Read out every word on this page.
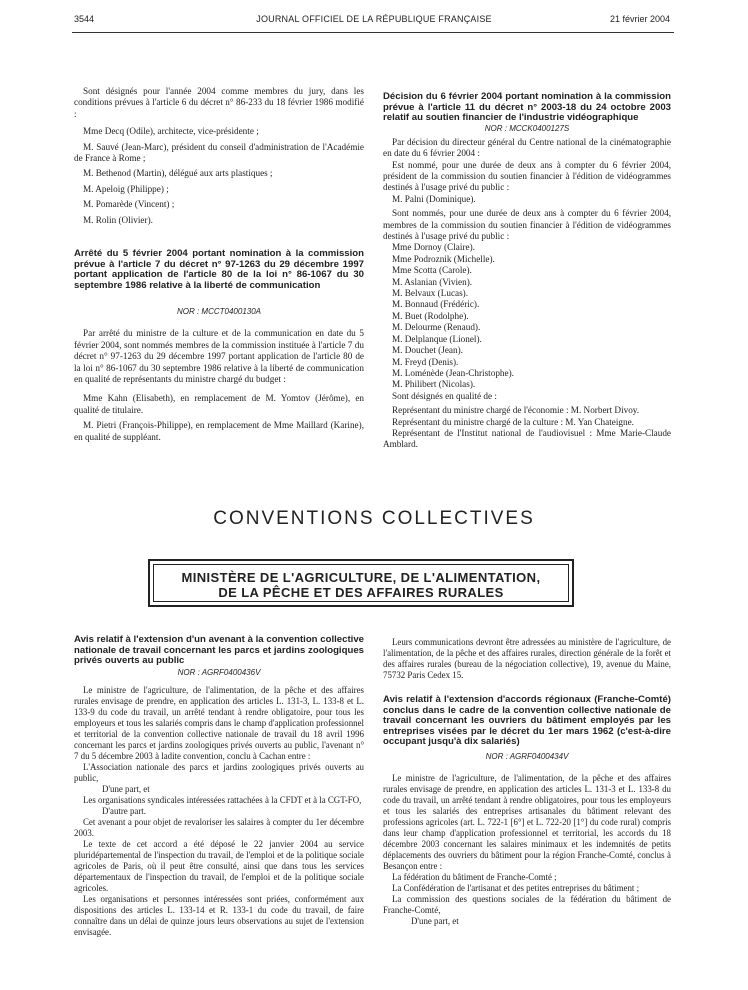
3544	JOURNAL OFFICIEL DE LA RÉPUBLIQUE FRANÇAISE	21 février 2004

Sont désignés pour l'année 2004 comme membres du jury, dans les conditions prévues à l'article 6 du décret n° 86-233 du 18 février 1986 modifié :

Mme Decq (Odile), architecte, vice-présidente ;

M. Sauvé (Jean-Marc), président du conseil d'administration de l'Académie de France à Rome ;

M. Bethenod (Martin), délégué aux arts plastiques ;

M. Apeloig (Philippe) ;

M. Pomarède (Vincent) ;

M. Rolin (Olivier).

Arrêté du 5 février 2004 portant nomination à la commission prévue à l'article 7 du décret n° 97-1263 du 29 décembre 1997 portant application de l'article 80 de la loi n° 86-1067 du 30 septembre 1986 relative à la liberté de communication

NOR : MCCT0400130A

Par arrêté du ministre de la culture et de la communication en date du 5 février 2004, sont nommés membres de la commission instituée à l'article 7 du décret n° 97-1263 du 29 décembre 1997 portant application de l'article 80 de la loi n° 86-1067 du 30 septembre 1986 relative à la liberté de communication en qualité de représentants du ministre chargé du budget :

Mme Kahn (Elisabeth), en remplacement de M. Yomtov (Jérôme), en qualité de titulaire.

M. Pietri (François-Philippe), en remplacement de Mme Maillard (Karine), en qualité de suppléant.

Décision du 6 février 2004 portant nomination à la commission prévue à l'article 11 du décret n° 2003-18 du 24 octobre 2003 relatif au soutien financier de l'industrie vidéographique

NOR : MCCK0400127S

Par décision du directeur général du Centre national de la cinématographie en date du 6 février 2004 :

Est nommé, pour une durée de deux ans à compter du 6 février 2004, président de la commission du soutien financier à l'édition de vidéogrammes destinés à l'usage privé du public :

M. Palni (Dominique).

Sont nommés, pour une durée de deux ans à compter du 6 février 2004, membres de la commission du soutien financier à l'édition de vidéogrammes destinés à l'usage privé du public :

Mme Dornoy (Claire).

Mme Podroznik (Michelle).

Mme Scotta (Carole).

M. Aslanian (Vivien).

M. Belvaux (Lucas).

M. Bonnaud (Frédéric).

M. Buet (Rodolphe).

M. Delourme (Renaud).

M. Delplanque (Lionel).

M. Douchet (Jean).

M. Freyd (Denis).

M. Loménède (Jean-Christophe).

M. Philibert (Nicolas).

Sont désignés en qualité de :

Représentant du ministre chargé de l'économie : M. Norbert Divoy.

Représentant du ministre chargé de la culture : M. Yan Chateigne.

Représentant de l'Institut national de l'audiovisuel : Mme Marie-Claude Amblard.

CONVENTIONS COLLECTIVES
MINISTÈRE DE L'AGRICULTURE, DE L'ALIMENTATION,
DE LA PÊCHE ET DES AFFAIRES RURALES

Avis relatif à l'extension d'un avenant à la convention collective nationale de travail concernant les parcs et jardins zoologiques privés ouverts au public

NOR : AGRF0400436V

Le ministre de l'agriculture, de l'alimentation, de la pêche et des affaires rurales envisage de prendre, en application des articles L. 131-3, L. 133-8 et L. 133-9 du code du travail, un arrêté tendant à rendre obligatoire, pour tous les employeurs et tous les salariés compris dans le champ d'application professionnel et territorial de la convention collective nationale de travail du 18 avril 1996 concernant les parcs et jardins zoologiques privés ouverts au public, l'avenant n° 7 du 5 décembre 2003 à ladite convention, conclu à Cachan entre :

L'Association nationale des parcs et jardins zoologiques privés ouverts au public,

D'une part, et

Les organisations syndicales intéressées rattachées à la CFDT et à la CGT-FO,

D'autre part.

Cet avenant a pour objet de revaloriser les salaires à compter du 1er décembre 2003.

Le texte de cet accord a été déposé le 22 janvier 2004 au service pluridépartemental de l'inspection du travail, de l'emploi et de la politique sociale agricoles de Paris, où il peut être consulté, ainsi que dans tous les services départementaux de l'inspection du travail, de l'emploi et de la politique sociale agricoles.

Les organisations et personnes intéressées sont priées, conformément aux dispositions des articles L. 133-14 et R. 133-1 du code du travail, de faire connaître dans un délai de quinze jours leurs observations au sujet de l'extension envisagée.

Leurs communications devront être adressées au ministère de l'agriculture, de l'alimentation, de la pêche et des affaires rurales, direction générale de la forêt et des affaires rurales (bureau de la négociation collective), 19, avenue du Maine, 75732 Paris Cedex 15.

Avis relatif à l'extension d'accords régionaux (Franche-Comté) conclus dans le cadre de la convention collective nationale de travail concernant les ouvriers du bâtiment employés par les entreprises visées par le décret du 1er mars 1962 (c'est-à-dire occupant jusqu'à dix salariés)

NOR : AGRF0400434V

Le ministre de l'agriculture, de l'alimentation, de la pêche et des affaires rurales envisage de prendre, en application des articles L. 131-3 et L. 133-8 du code du travail, un arrêté tendant à rendre obligatoires, pour tous les employeurs et tous les salariés des entreprises artisanales du bâtiment relevant des professions agricoles (art. L. 722-1 [6°] et L. 722-20 [1°] du code rural) compris dans leur champ d'application professionnel et territorial, les accords du 18 décembre 2003 concernant les salaires minimaux et les indemnités de petits déplacements des ouvriers du bâtiment pour la région Franche-Comté, conclus à Besançon entre :

La fédération du bâtiment de Franche-Comté ;

La Confédération de l'artisanat et des petites entreprises du bâtiment ;

La commission des questions sociales de la fédération du bâtiment de Franche-Comté,

D'une part, et
